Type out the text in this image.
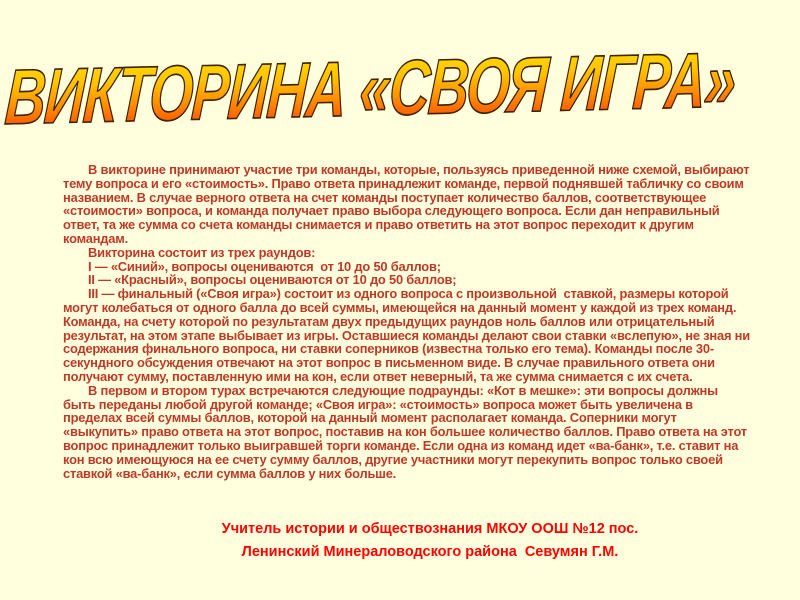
ВИКТОРИНА «СВОЯ ИГРА»

В викторине принимают участие три команды, которые, пользуясь приведенной ниже схемой, выбирают тему вопроса и его «стоимость». Право ответа принадлежит команде, первой поднявшей табличку со своим названием. В случае верного ответа на счет команды поступает количество баллов, соответствующее «стоимости» вопроса, и команда получает право выбора следующего вопроса. Если дан неправильный ответ, та же сумма со счета команды снимается и право ответить на этот вопрос переходит к другим командам.

Викторина состоит из трех раундов:

I — «Синий», вопросы оцениваются  от 10 до 50 баллов;

II — «Красный», вопросы оцениваются от 10 до 50 баллов;

III — финальный («Своя игра») состоит из одного вопроса с произвольной  ставкой, размеры которой могут колебаться от одного балла до всей суммы, имеющейся на данный момент у каждой из трех команд. Команда, на счету которой по результатам двух предыдущих раундов ноль баллов или отрицательный результат, на этом этапе выбывает из игры. Оставшиеся команды делают свои ставки «вслепую», не зная ни содержания финального вопроса, ни ставки соперников (известна только его тема). Команды после 30-секундного обсуждения отвечают на этот вопрос в письменном виде. В случае правильного ответа они получают сумму, поставленную ими на кон, если ответ неверный, та же сумма снимается с их счета.

В первом и втором турах встречаются следующие подраунды: «Кот в мешке»: эти вопросы должны быть переданы любой другой команде; «Своя игра»: «стоимость» вопроса может быть увеличена в пределах всей суммы баллов, которой на данный момент располагает команда. Соперники могут «выкупить» право ответа на этот вопрос, поставив на кон большее количество баллов. Право ответа на этот вопрос принадлежит только выигравшей торги команде. Если одна из команд идет «ва-банк», т.е. ставит на кон всю имеющуюся на ее счету сумму баллов, другие участники могут перекупить вопрос только своей ставкой «ва-банк», если сумма баллов у них больше.

Учитель истории и обществознания МКОУ ООШ №12 пос.

Ленинский Минераловодского района  Севумян Г.М.
